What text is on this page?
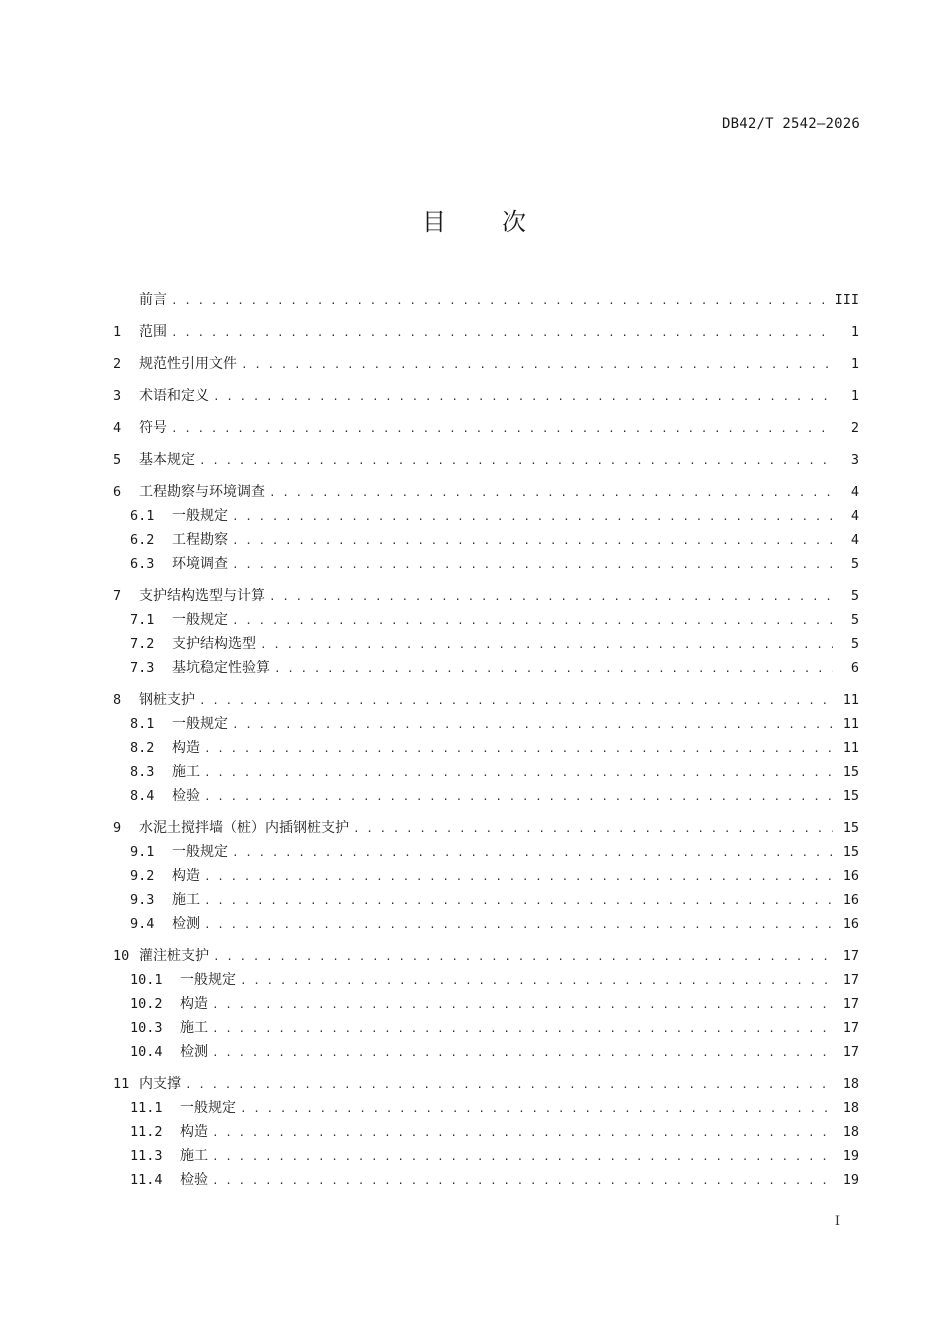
DB42/T 2542—2026
目 次
前言 . . .	III
1	范围 . . .	1
2	规范性引用文件 . . .	1
3	术语和定义 . . .	1
4	符号 . . .	2
5	基本规定 . . .	3
6	工程勘察与环境调查 . . .	4
6.1	一般规定 . . .	4
6.2	工程勘察 . . .	4
6.3	环境调查 . . .	5
7	支护结构选型与计算 . . .	5
7.1	一般规定 . . .	5
7.2	支护结构选型 . . .	5
7.3	基坑稳定性验算 . . .	6
8	钢桩支护 . . .	11
8.1	一般规定 . . .	11
8.2	构造 . . .	11
8.3	施工 . . .	15
8.4	检验 . . .	15
9	水泥土搅拌墙（桩）内插钢桩支护 . . .	15
9.1	一般规定 . . .	15
9.2	构造 . . .	16
9.3	施工 . . .	16
9.4	检测 . . .	16
10 灌注桩支护 . . .	17
10.1	一般规定 . . .	17
10.2	构造 . . .	17
10.3	施工 . . .	17
10.4	检测 . . .	17
11 内支撑 . . .	18
11.1	一般规定 . . .	18
11.2	构造 . . .	18
11.3	施工 . . .	19
11.4	检验 . . .	19
I
